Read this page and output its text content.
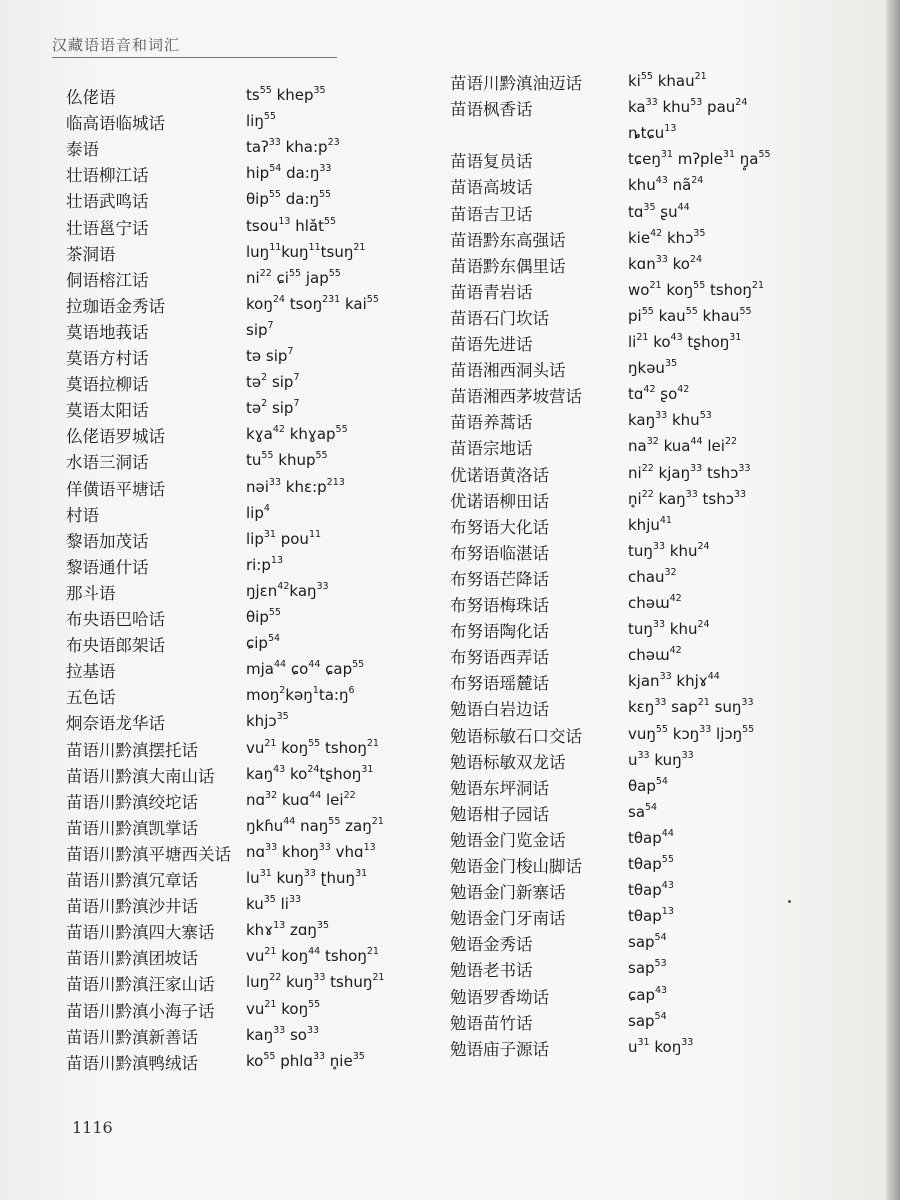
汉藏语语音和词汇
仫佬语	$ts^{55}$ khep$^{35}$
临高语临城话	liŋ$^{55}$
泰语	taʔ$^{33}$ $kha:p^{23}$
壮语柳江话	hip$^{54}$ $da:ŋ^{33}$
壮语武鸣话	θip$^{55}$ $da:ŋ^{55}$
壮语邕宁话	tsou$^{13}$ hlǎt$^{55}$
茶洞语	luŋ$^{11}$kuŋ$^{11}$tsuŋ$^{21}$
侗语榕江话	$ni^{22}$ ɕi$^{55}$ jap$^{55}$
拉珈语金秀话	koŋ$^{24}$ tsoŋ$^{231}$ kai$^{55}$
莫语地莪话	sip$^7$
莫语方村话	tə sip$^7$
莫语拉柳话	tə$^2$ sip$^7$
莫语太阳话	tə$^2$ sip$^7$
仫佬语罗城话	kɣa$^{42}$ khɣap$^{55}$
水语三洞话	$tu^{55}$ khup$^{55}$
佯僙语平塘话	nəi$^{33}$ $khɛ:p^{213}$
村语	lip$^4$
黎语加茂话	lip$^{31}$ pou$^{11}$
黎语通什话	$ri:p^{13}$
那斗语	ŋjɛn$^{42}$kaŋ$^{33}$
布央语巴哈话	θip$^{55}$
布央语郎架话	ɕip$^{54}$
拉基语	mja$^{44}$ ɕo$^{44}$ ɕap$^{55}$
五色话	$moŋ^2kəŋ^1ta:ŋ^6$
炯奈语龙华话	khjɔ$^{35}$
苗语川黔滇摆托话	$vu^{21}$ koŋ$^{55}$ tshoŋ$^{21}$
苗语川黔滇大南山话 kaŋ$^{43}$ $ko^{24}tʂhoŋ^{31}$
苗语川黔滇绞坨话	nɑ$^{32}$ kuɑ$^{44}$ lei$^{22}$
苗语川黔滇凯掌话	ŋkɦu$^{44}$ naŋ$^{55}$ zaŋ$^{21}$
苗语川黔滇平塘西关话 nɑ$^{33}$ khoŋ$^{33}$ vhɑ$^{13}$
苗语川黔滇冗章话	$lu^{31}$ kuŋ$^{33}$ ʈhuŋ$^{31}$
苗语川黔滇沙井话	$ku^{35}$ $li^{33}$
苗语川黔滇四大寨话 khɤ$^{13}$ zɑŋ$^{35}$
苗语川黔滇团坡话	$vu^{21}$ koŋ$^{44}$ tshoŋ$^{21}$
苗语川黔滇汪家山话 luŋ$^{22}$ kuŋ$^{33}$ tshuŋ$^{21}$
苗语川黔滇小海子话 $vu^{21}$ koŋ$^{55}$
苗语川黔滇新善话	kaŋ$^{33}$ $so^{33}$
苗语川黔滇鸭绒话	$ko^{55}$ phlɑ$^{33}$ $n̥ie^{35}$
苗语川黔滇油迈话	$ki^{55}$ khau$^{21}$
苗语枫香话	$ka^{33}$ khu$^{53}$ pau$^{24}$
ȵtɕu$^{13}$
苗语复员话	tɕeŋ$^{31}$ mʔple$^{31}$ $ŋ̥a^{55}$
苗语高坡话	khu$^{43}$ $nã^{24}$
苗语吉卫话	tɑ$^{35}$ ʂu$^{44}$
苗语黔东高强话	kie$^{42}$ khɔ$^{35}$
苗语黔东偶里话	kɑn$^{33}$ $ko^{24}$
苗语青岩话	$wo^{21}$ koŋ$^{55}$ tshoŋ$^{21}$
苗语石门坎话	$pi^{55}$ kau$^{55}$ khau$^{55}$
苗语先进话	$li^{21}$ $ko^{43}$ tʂhoŋ$^{31}$
苗语湘西洞头话	ŋkəu$^{35}$
苗语湘西茅坡营话	tɑ$^{42}$ ʂo$^{42}$
苗语养蒿话	kaŋ$^{33}$ khu$^{53}$
苗语宗地话	$na^{32}$ kua$^{44}$ lei$^{22}$
优诺语黄洛话	$ni^{22}$ kjaŋ$^{33}$ tshɔ$^{33}$
优诺语柳田话	$n̥i^{22}$ kaŋ$^{33}$ tshɔ$^{33}$
布努语大化话	khju$^{41}$
布努语临湛话	tuŋ$^{33}$ khu$^{24}$
布努语芒降话	chau$^{32}$
布努语梅珠话	chəɯ$^{42}$
布努语陶化话	tuŋ$^{33}$ khu$^{24}$
布努语西弄话	chəɯ$^{42}$
布努语瑶麓话	kjan$^{33}$ khjɤ$^{44}$
勉语白岩边话	kɛŋ$^{33}$ sap$^{21}$ suŋ$^{33}$
勉语标敏石口交话	vuŋ$^{55}$ kɔŋ$^{33}$ ljɔŋ$^{55}$
勉语标敏双龙话	$u^{33}$ kuŋ$^{33}$
勉语东坪洞话	θap$^{54}$
勉语柑子园话	$sa^{54}$
勉语金门览金话	tθap$^{44}$
勉语金门梭山脚话	tθap$^{55}$
勉语金门新寨话	tθap$^{43}$
勉语金门牙南话	tθap$^{13}$
勉语金秀话	sap$^{54}$
勉语老书话	sap$^{53}$
勉语罗香坳话	ɕap$^{43}$
勉语苗竹话	sap$^{54}$
勉语庙子源话	$u^{31}$ koŋ$^{33}$
1116
